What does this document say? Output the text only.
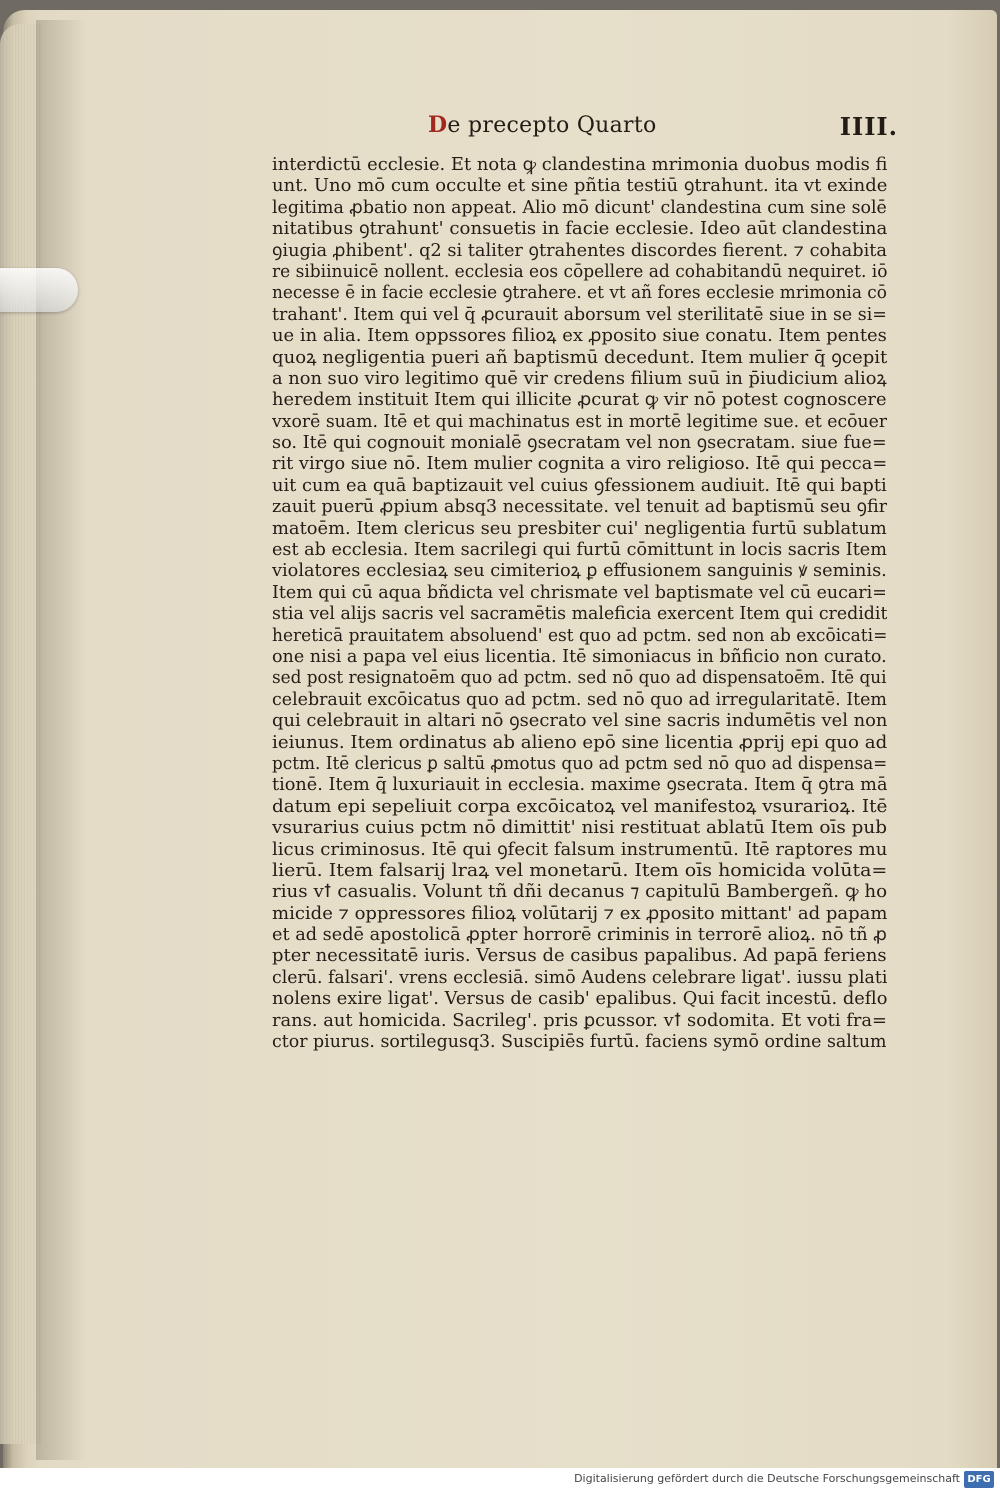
De precepto Quarto	IIII.
interdictū ecclesie. Et nota ꝙ clandestina mrimonia duobus modis fi
unt. Uno mō cum occulte et sine pñtia testiū ꝯtrahunt. ita vt exinde
legitima ꝓbatio non appeat. Alio mō dicunt' clandestina cum sine solē
nitatibus ꝯtrahunt' consuetis in facie ecclesie. Ideo aūt clandestina
ꝯiugia ꝓhibent'. q2 si taliter ꝯtrahentes discordes fierent. ⁊ cohabita
re sibiinuicē nollent. ecclesia eos cōpellere ad cohabitandū nequiret. iō
necesse ē in facie ecclesie ꝯtrahere. et vt añ fores ecclesie mrimonia cō
trahant'. Item qui vel q̄ ꝓcurauit aborsum vel sterilitatē siue in se si=
ue in alia. Item oppssores filioꝝ ex ꝓposito siue conatu. Item pentes
quoꝝ negligentia pueri añ baptismū decedunt. Item mulier q̄ ꝯcepit
a non suo viro legitimo quē vir credens filium suū in p̄iudicium alioꝝ
heredem instituit Item qui illicite ꝓcurat ꝙ vir nō potest cognoscere
vxorē suam. Itē et qui machinatus est in mortē legitime sue. et ecōuer
so. Itē qui cognouit monialē ꝯsecratam vel non ꝯsecratam. siue fue=
rit virgo siue nō. Item mulier cognita a viro religioso. Itē qui pecca=
uit cum ea quā baptizauit vel cuius ꝯfessionem audiuit. Itē qui bapti
zauit puerū ꝓpium absq3 necessitate. vel tenuit ad baptismū seu ꝯfir
matoēm. Item clericus seu presbiter cui' negligentia furtū sublatum
est ab ecclesia. Item sacrilegi qui furtū cōmittunt in locis sacris Item
violatores ecclesiaꝝ seu cimiterioꝝ ꝑ effusionem sanguinis ꝟ seminis.
Item qui cū aqua bñdicta vel chrismate vel baptismate vel cū eucari=
stia vel alijs sacris vel sacramētis maleficia exercent Item qui credidit
hereticā prauitatem absoluend' est quo ad pctm. sed non ab excōicati=
one nisi a papa vel eius licentia. Itē simoniacus in bñficio non curato.
sed post resignatoēm quo ad pctm. sed nō quo ad dispensatoēm. Itē qui
celebrauit excōicatus quo ad pctm. sed nō quo ad irregularitatē. Item
qui celebrauit in altari nō ꝯsecrato vel sine sacris indumētis vel non
ieiunus. Item ordinatus ab alieno epō sine licentia ꝓprij epi quo ad
pctm. Itē clericus ꝑ saltū ꝓmotus quo ad pctm sed nō quo ad dispensa=
tionē. Item q̄ luxuriauit in ecclesia. maxime ꝯsecrata. Item q̄ ꝯtra mā
datum epi sepeliuit corpa excōicatoꝝ vel manifestoꝝ vsurarioꝝ. Itē
vsurarius cuius pctm nō dimittit' nisi restituat ablatū Item oīs pub
licus criminosus. Itē qui ꝯfecit falsum instrumentū. Itē raptores mu
lierū. Item falsarij lraꝝ vel monetarū. Item oīs homicida volūta=
rius vꝉ casualis. Volunt tñ dñi decanus ⁊ capitulū Bambergeñ. ꝙ ho
micide ⁊ oppressores filioꝝ volūtarij ⁊ ex ꝓposito mittant' ad papam
et ad sedē apostolicā ꝓpter horrorē criminis in terrorē alioꝝ. nō tñ ꝓ
pter necessitatē iuris. Versus de casibus papalibus. Ad papā feriens
clerū. falsari'. vrens ecclesiā. simō Audens celebrare ligat'. iussu plati
nolens exire ligat'. Versus de casib' epalibus. Qui facit incestū. deflo
rans. aut homicida. Sacrileg'. pris ꝑcussor. vꝉ sodomita. Et voti fra=
ctor piurus. sortilegusq3. Suscipiēs furtū. faciens symō ordine saltum
Digitalisierung gefördert durch die Deutsche Forschungsgemeinschaft DFG
